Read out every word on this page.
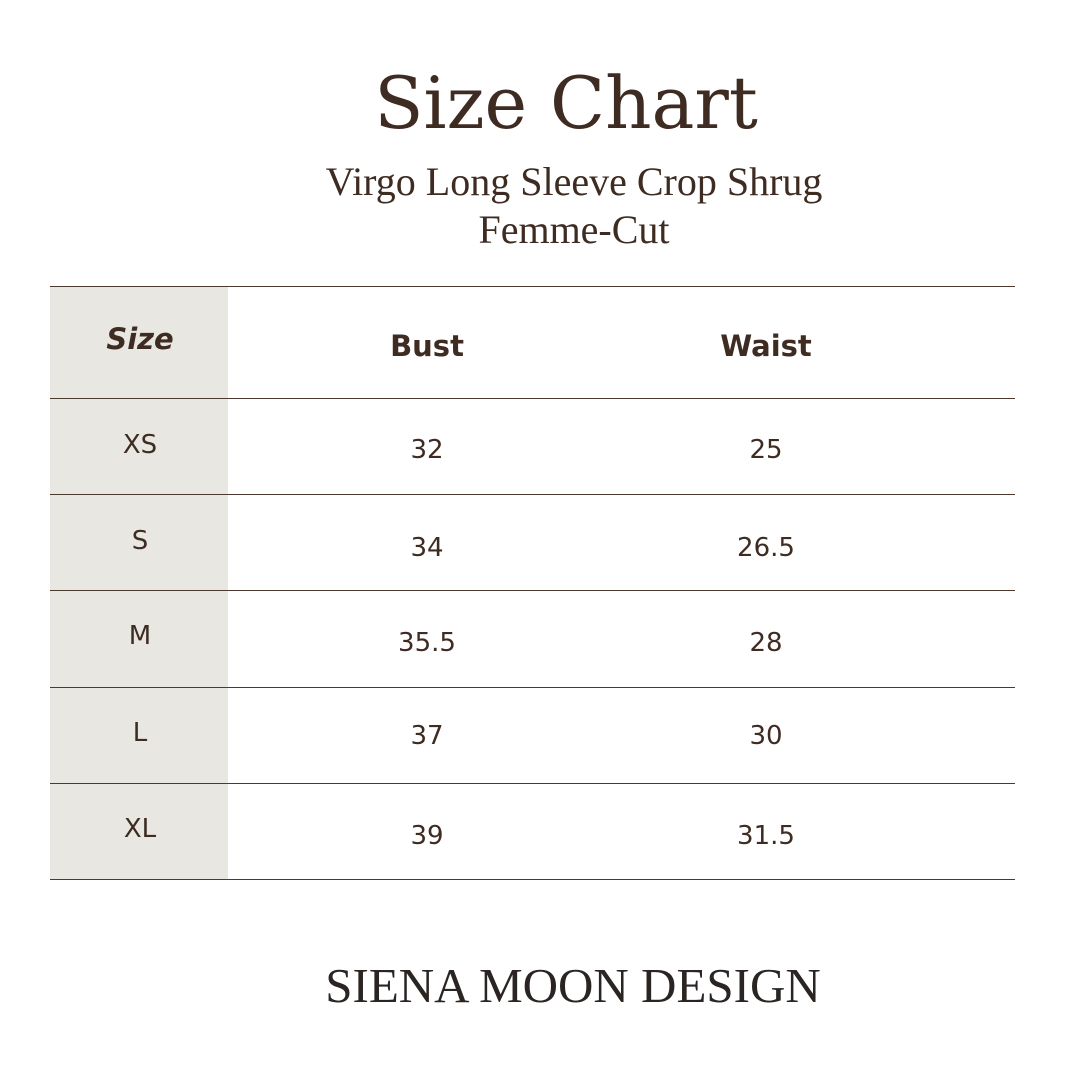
Size Chart
Virgo Long Sleeve Crop Shrug
Femme-Cut
Size	Bust	Waist
XS	32	25
S	34	26.5
M	35.5	28
L	37	30
XL	39	31.5
SIENA MOON DESIGN
